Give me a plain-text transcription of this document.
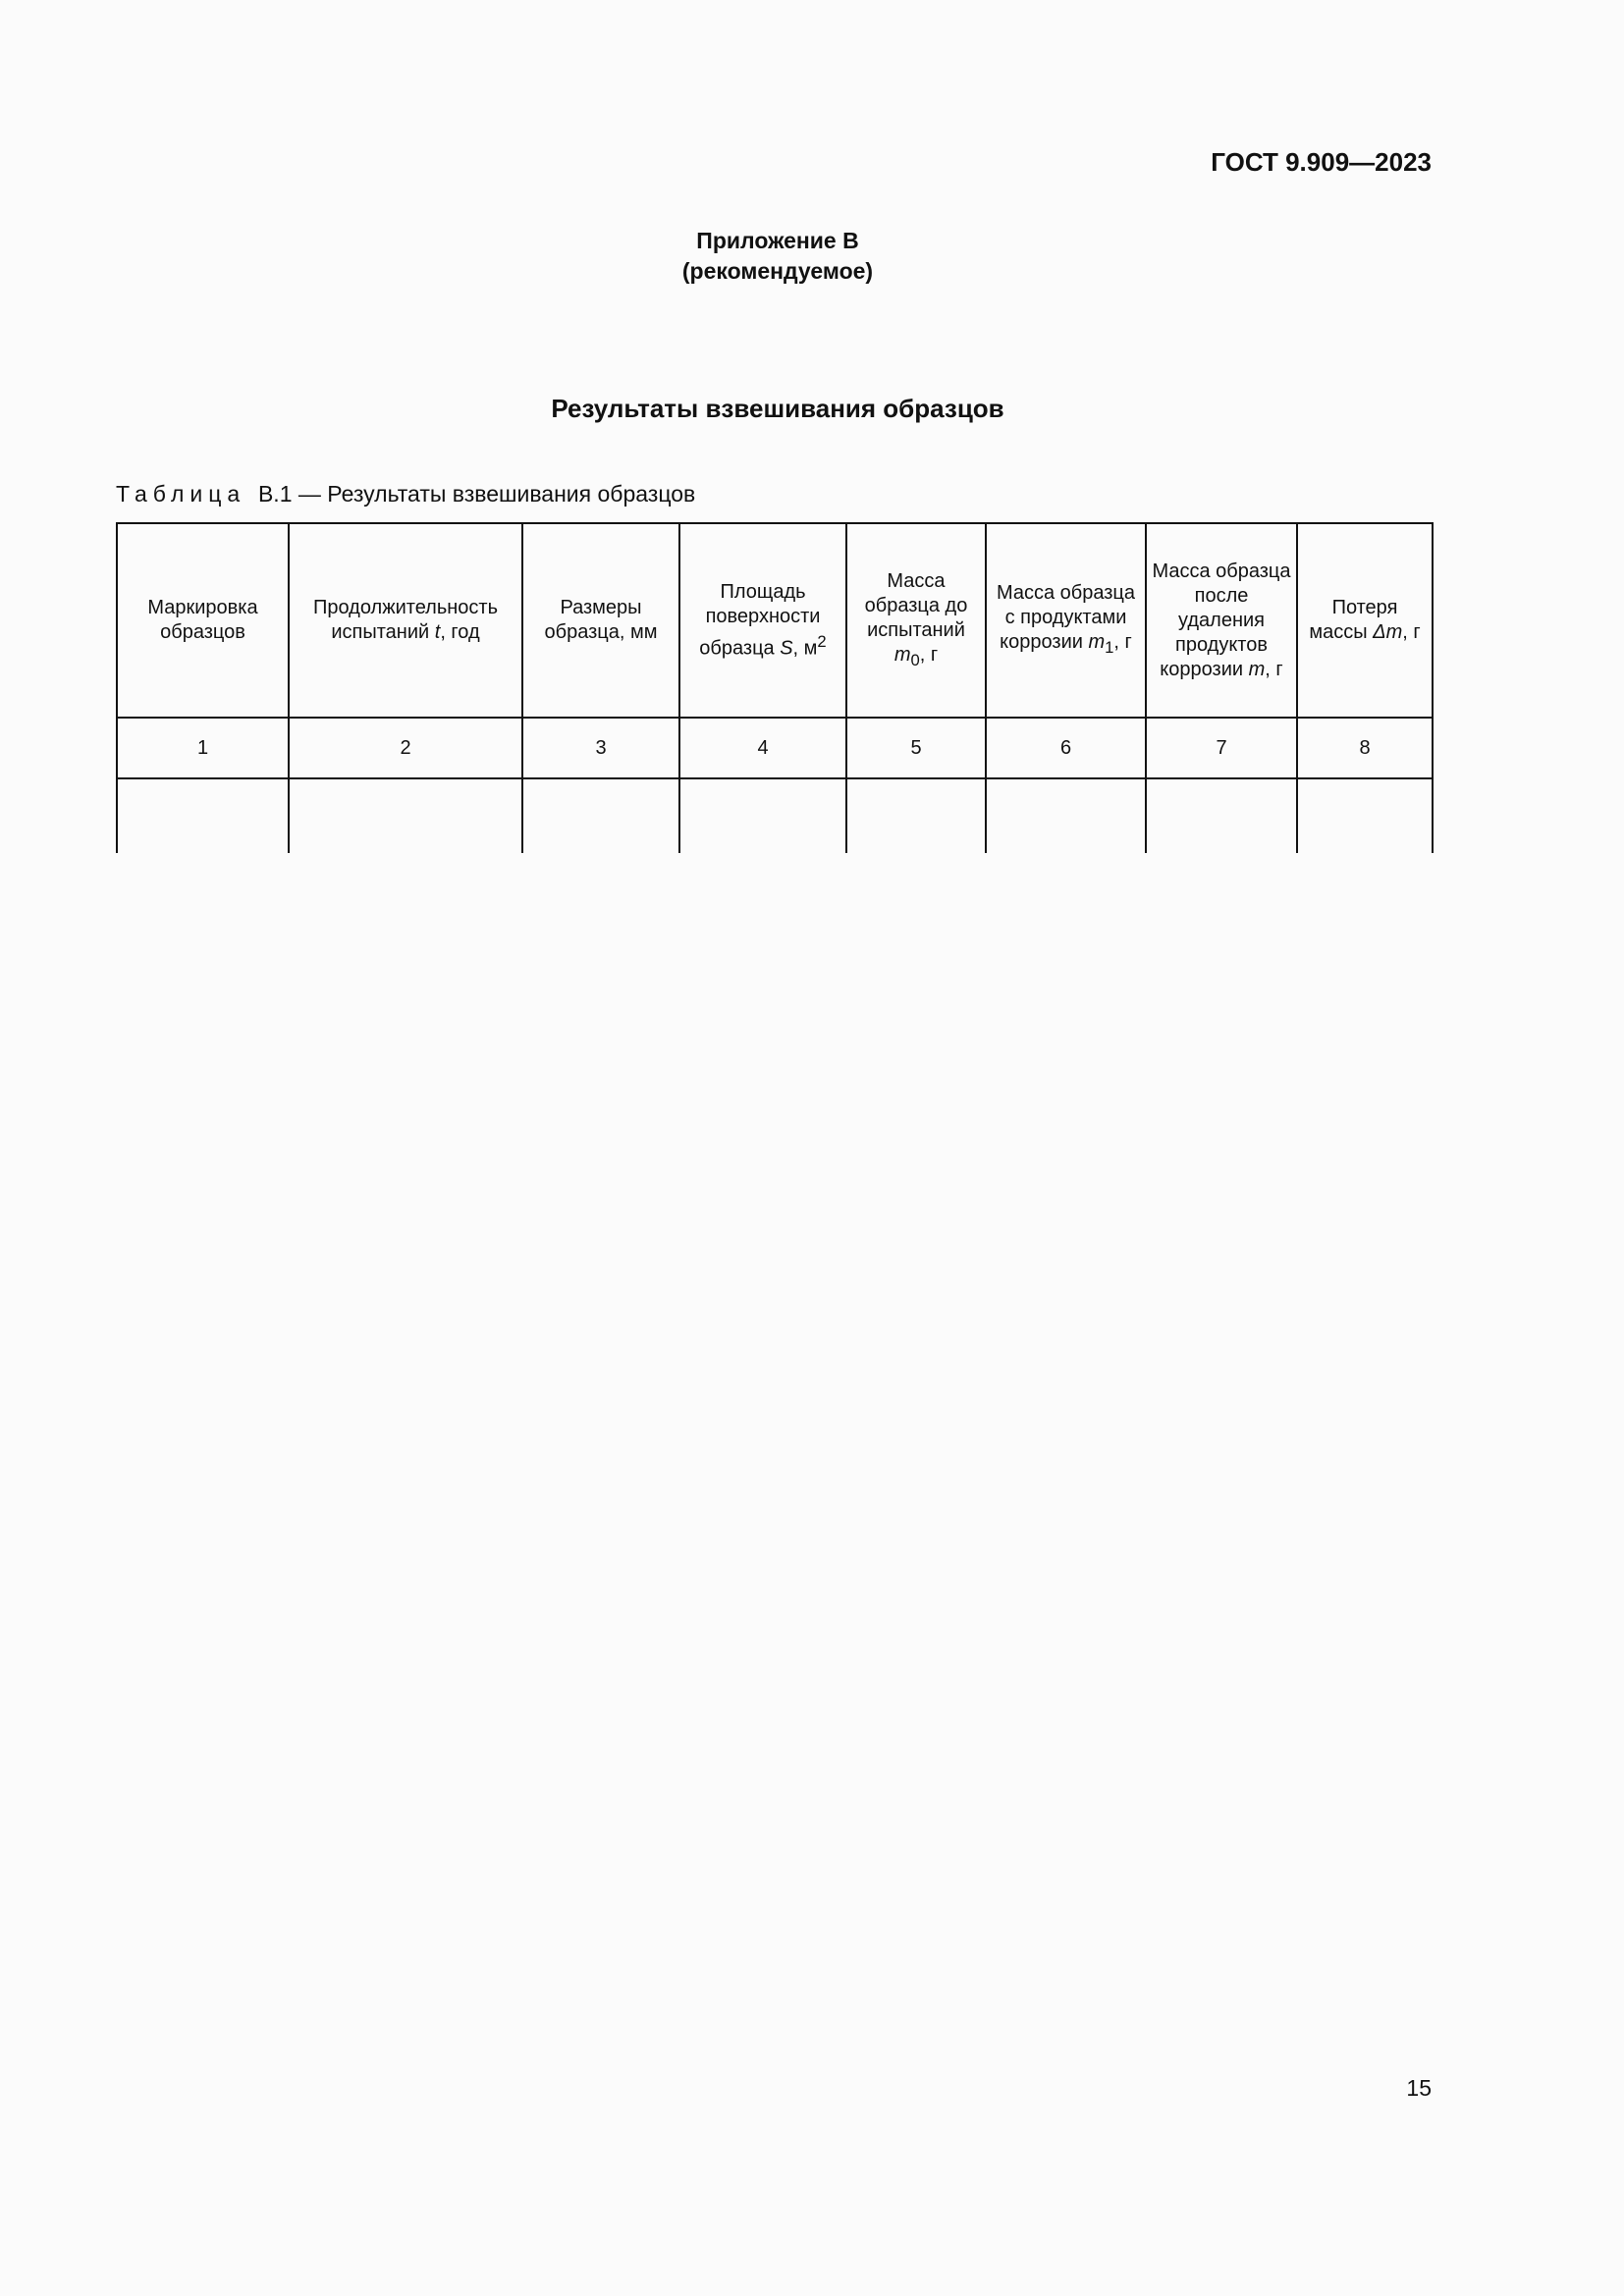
ГОСТ 9.909—2023
Приложение В
(рекомендуемое)
Результаты взвешивания образцов
Таблица В.1 — Результаты взвешивания образцов
Маркировка образцов	Продолжительность испытаний t, год	Размеры образца, мм	Площадь поверхности образца S, $м^2$	Масса образца до испытаний $m_0$, г	Масса образца с продуктами коррозии $m_1$, г	Масса образца после удаления продуктов коррозии m, г	Потеря массы Δm, г
1	2	3	4	5	6	7	8

15
